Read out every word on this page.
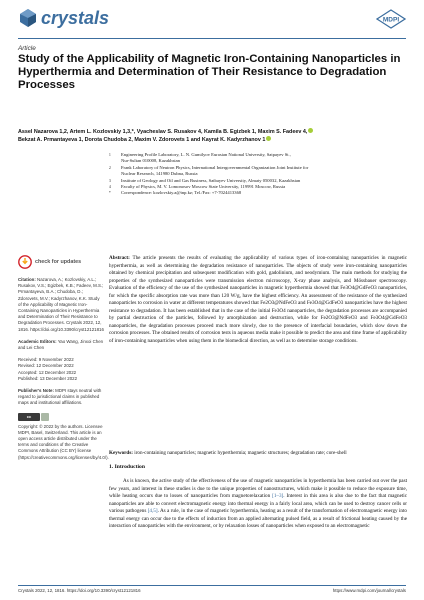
crystals	MDPI
Article
Study of the Applicability of Magnetic Iron-Containing Nanoparticles in Hyperthermia and Determination of Their Resistance to Degradation Processes
Assel Nazarova 1,2, Artem L. Kozlovskiy 1,3,*, Vyacheslav S. Rusakov 4, Kamila B. Egizbek 1, Maxim S. Fadeev 4,
Bekzat A. Prmantayeva 1, Dorota Chudoba 2, Maxim V. Zdorovets 1 and Kayrat K. Kadyrzhanov 1
1 Engineering Profile Laboratory, L. N. Gumilyov Eurasian National University, Satpayev St.,
Nur-Sultan 010008, Kazakhstan
2 Frank Laboratory of Neutron Physics, International Intergovernmental Organization Joint Institute for
Nuclear Research, 141980 Dubna, Russia
3 Institute of Geology and Oil and Gas Business, Satbayev University, Almaty 050032, Kazakhstan
4 Faculty of Physics, M. V. Lomonosov Moscow State University, 119991 Moscow, Russia
* Correspondence: kozlovskiy.a@inp.kz; Tel./Fax: +7-7024413368
check for updates
Citation: Nazarova, A.; Kozlovskiy, A.L.; Rusakov, V.S.; Egizbek, K.B.; Fadeev, M.S.; Prmantayeva, B.A.; Chudoba, D.; Zdorovets, M.V.; Kadyrzhanov, K.K. Study of the Applicability of Magnetic Iron-Containing Nanoparticles in Hyperthermia and Determination of Their Resistance to Degradation Processes. Crystals 2022, 12, 1816. https://doi.org/10.3390/cryst12121816
Academic Editors: Yao Wang, Jinxoi Chen and Lei Chen
Received: 9 November 2022
Revised: 12 December 2022
Accepted: 12 December 2022
Published: 13 December 2022
Publisher's Note: MDPI stays neutral with regard to jurisdictional claims in published maps and institutional affiliations.
cc
Copyright: © 2022 by the authors. Licensee MDPI, Basel, Switzerland. This article is an open access article distributed under the terms and conditions of the Creative Commons Attribution (CC BY) license (https://creativecommons.org/licenses/by/4.0/).
Abstract: The article presents the results of evaluating the applicability of various types of iron-containing nanoparticles in magnetic hyperthermia, as well as determining the degradation resistance of nanoparticles. The objects of study were iron-containing nanoparticles obtained by chemical precipitation and subsequent modification with gold, gadolinium, and neodymium. The main methods for studying the properties of the synthesized nanoparticles were transmission electron microscopy, X-ray phase analysis, and Mössbauer spectroscopy. Evaluation of the efficiency of the use of the synthesized nanoparticles in magnetic hyperthermia showed that Fe3O4@GdFeO3 nanoparticles, for which the specific absorption rate was more than 120 W/g, have the highest efficiency. An assessment of the resistance of the synthesized nanoparticles to corrosion in water at different temperatures showed that Fe2O3@NdFeO3 and Fe3O4@GdFeO3 nanoparticles have the highest resistance to degradation. It has been established that in the case of the initial Fe3O4 nanoparticles, the degradation processes are accompanied by partial destruction of the particles, followed by amorphization and destruction, while for Fe2O3@NdFeO3 and Fe3O4@GdFeO3 nanoparticles, the degradation processes proceed much more slowly, due to the presence of interfacial boundaries, which slow down the corrosion processes. The obtained results of corrosion tests in aqueous media make it possible to predict the area and time frame of applicability of iron-containing nanoparticles when using them in the biomedical direction, as well as to determine storage conditions.
Keywords: iron-containing nanoparticles; magnetic hyperthermia; magnetic structures; degradation rate; core-shell
1. Introduction
As is known, the active study of the effectiveness of the use of magnetic nanoparticles in hyperthermia has been carried out over the past few years, and interest in these studies is due to the unique properties of nanostructures, which make it possible to reduce the exposure time, while heating occurs due to losses of nanoparticles from magnetorelaxation [1–3]. Interest in this area is also due to the fact that magnetic nanoparticles are able to convert electromagnetic energy into thermal energy in a fairly local area, which can be used to destroy cancer cells or various pathogens [4,5]. As a rule, in the case of magnetic hyperthermia, heating as a result of the transformation of electromagnetic energy into thermal energy can occur due to the effects of induction from an applied alternating pulsed field, as a result of frictional heating caused by the interaction of nanoparticles with the environment, or by relaxation losses of nanoparticles when exposed to an electromagnetic
Crystals 2022, 12, 1816. https://doi.org/10.3390/cryst12121816	https://www.mdpi.com/journal/crystals
